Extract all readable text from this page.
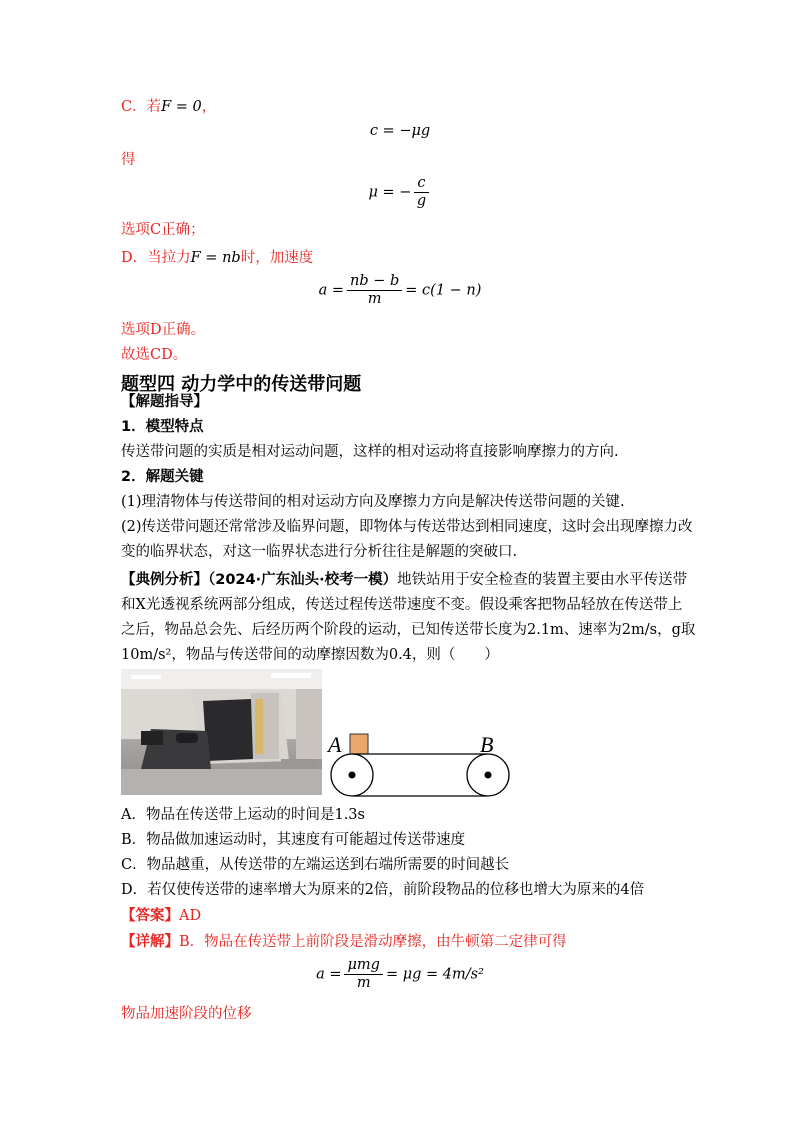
C．若F = 0，
c = −μg
得
μ = − $\frac{c}{g}$
选项C正确；
D．当拉力F = nb时，加速度
$a = \frac{nb - b}{m} = c(1 - n)$
选项D正确。
故选CD。
题型四 动力学中的传送带问题
【解题指导】
1．模型特点
传送带问题的实质是相对运动问题，这样的相对运动将直接影响摩擦力的方向.
2．解题关键
(1)理清物体与传送带间的相对运动方向及摩擦力方向是解决传送带问题的关键.
(2)传送带问题还常常涉及临界问题，即物体与传送带达到相同速度，这时会出现摩擦力改
变的临界状态，对这一临界状态进行分析往往是解题的突破口.
【典例分析】（2024·广东汕头·校考一模）地铁站用于安全检查的装置主要由水平传送带
和X光透视系统两部分组成，传送过程传送带速度不变。假设乘客把物品轻放在传送带上
之后，物品总会先、后经历两个阶段的运动，已知传送带长度为2.1m、速率为2m/s，g取
10m/s²，物品与传送带间的动摩擦因数为0.4，则（　　）
A	B
A．物品在传送带上运动的时间是1.3s
B．物品做加速运动时，其速度有可能超过传送带速度
C．物品越重，从传送带的左端运送到右端所需要的时间越长
D．若仅使传送带的速率增大为原来的2倍，前阶段物品的位移也增大为原来的4倍
【答案】AD
【详解】B．物品在传送带上前阶段是滑动摩擦，由牛顿第二定律可得
$a = \frac{\text{μmg}}{m} = \mu g = 4m/s^2$
物品加速阶段的位移
